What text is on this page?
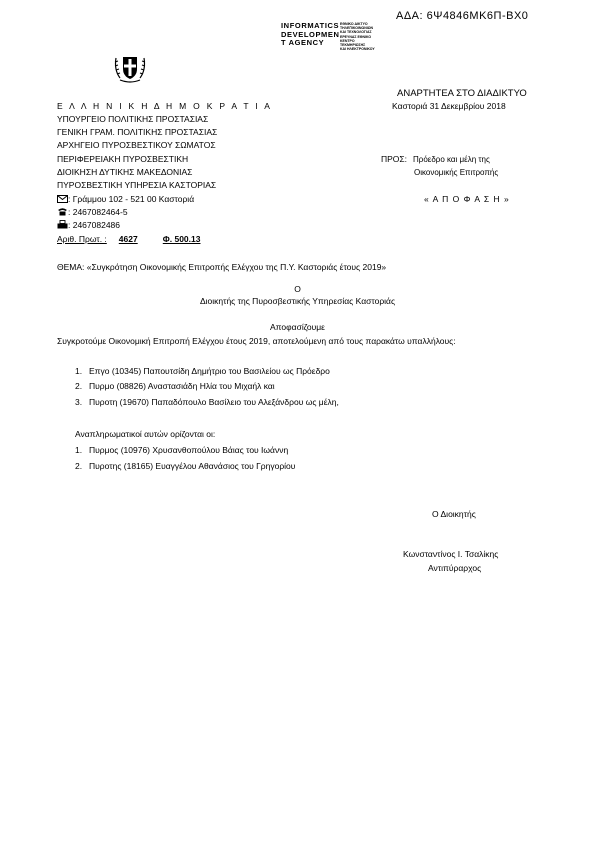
ΑΔΑ: 6Ψ4846ΜΚ6Π-ΒΧ0
INFORMATICS
DEVELOPMEN
T AGENCY
ΕΘΝΙΚΟ ΔΙΚΤΥΟ
ΤΗΛΕΠΙΚΟΙΝΩΝΙΩΝ
ΚΑΙ ΤΕΧΝΟΛΟΓΙΑΣ
ΕΡΕΥΝΑΣ ΕΘΝΙΚΟ
ΚΕΝΤΡΟ
ΤΕΚΜΗΡΙΩΣΗΣ
ΚΑΙ ΗΛΕΚΤΡΟΝΙΚΟΥ
ΑΝΑΡΤΗΤΕΑ ΣΤΟ ΔΙΑΔΙΚΤΥΟ
Καστοριά 31 Δεκεμβρίου 2018
Ε Λ Λ Η Ν Ι Κ Η Δ Η Μ Ο Κ Ρ Α Τ Ι Α
ΥΠΟΥΡΓΕΙΟ ΠΟΛΙΤΙΚΗΣ ΠΡΟΣΤΑΣΙΑΣ
ΓΕΝΙΚΗ ΓΡΑΜ. ΠΟΛΙΤΙΚΗΣ ΠΡΟΣΤΑΣΙΑΣ
ΑΡΧΗΓΕΙΟ ΠΥΡΟΣΒΕΣΤΙΚΟΥ ΣΩΜΑΤΟΣ
ΠΕΡΙΦΕΡΕΙΑΚΗ ΠΥΡΟΣΒΕΣΤΙΚΗ
ΔΙΟΙΚΗΣΗ ΔΥΤΙΚΗΣ ΜΑΚΕΔΟΝΙΑΣ
ΠΥΡΟΣΒΕΣΤΙΚΗ ΥΠΗΡΕΣΙΑ ΚΑΣΤΟΡΙΑΣ
ΠΡΟΣ: Πρόεδρο και μέλη της
Οικονομικής Επιτροπής
« Α Π Ο Φ Α Σ Η »
: Γράμμου 102 - 521 00 Καστοριά
: 2467082464-5
: 2467082486
Αριθ. Πρωτ. : 4627	Φ. 500.13
ΘΕΜΑ: «Συγκρότηση Οικονομικής Επιτροπής Ελέγχου της Π.Υ. Καστοριάς έτους 2019»
Ο
Διοικητής της Πυροσβεστικής Υπηρεσίας Καστοριάς
Αποφασίζουμε
Συγκροτούμε Οικονομική Επιτροπή Ελέγχου έτους 2019, αποτελούμενη από τους παρακάτω υπαλλήλους:
1. Επγο (10345) Παπουτσίδη Δημήτριο του Βασιλείου ως Πρόεδρο
2. Πυρμο (08826) Αναστασιάδη Ηλία του Μιχαήλ και
3. Πυροτη (19670) Παπαδόπουλο Βασίλειο του Αλεξάνδρου ως μέλη,
Αναπληρωματικοί αυτών ορίζονται οι:
1. Πυρμος (10976) Χρυσανθοπούλου Βάιας του Ιωάννη
2. Πυροτης (18165) Ευαγγέλου Αθανάσιος του Γρηγορίου
Ο Διοικητής
Κωνσταντίνος Ι. Τσαλίκης
Αντιπύραρχος
